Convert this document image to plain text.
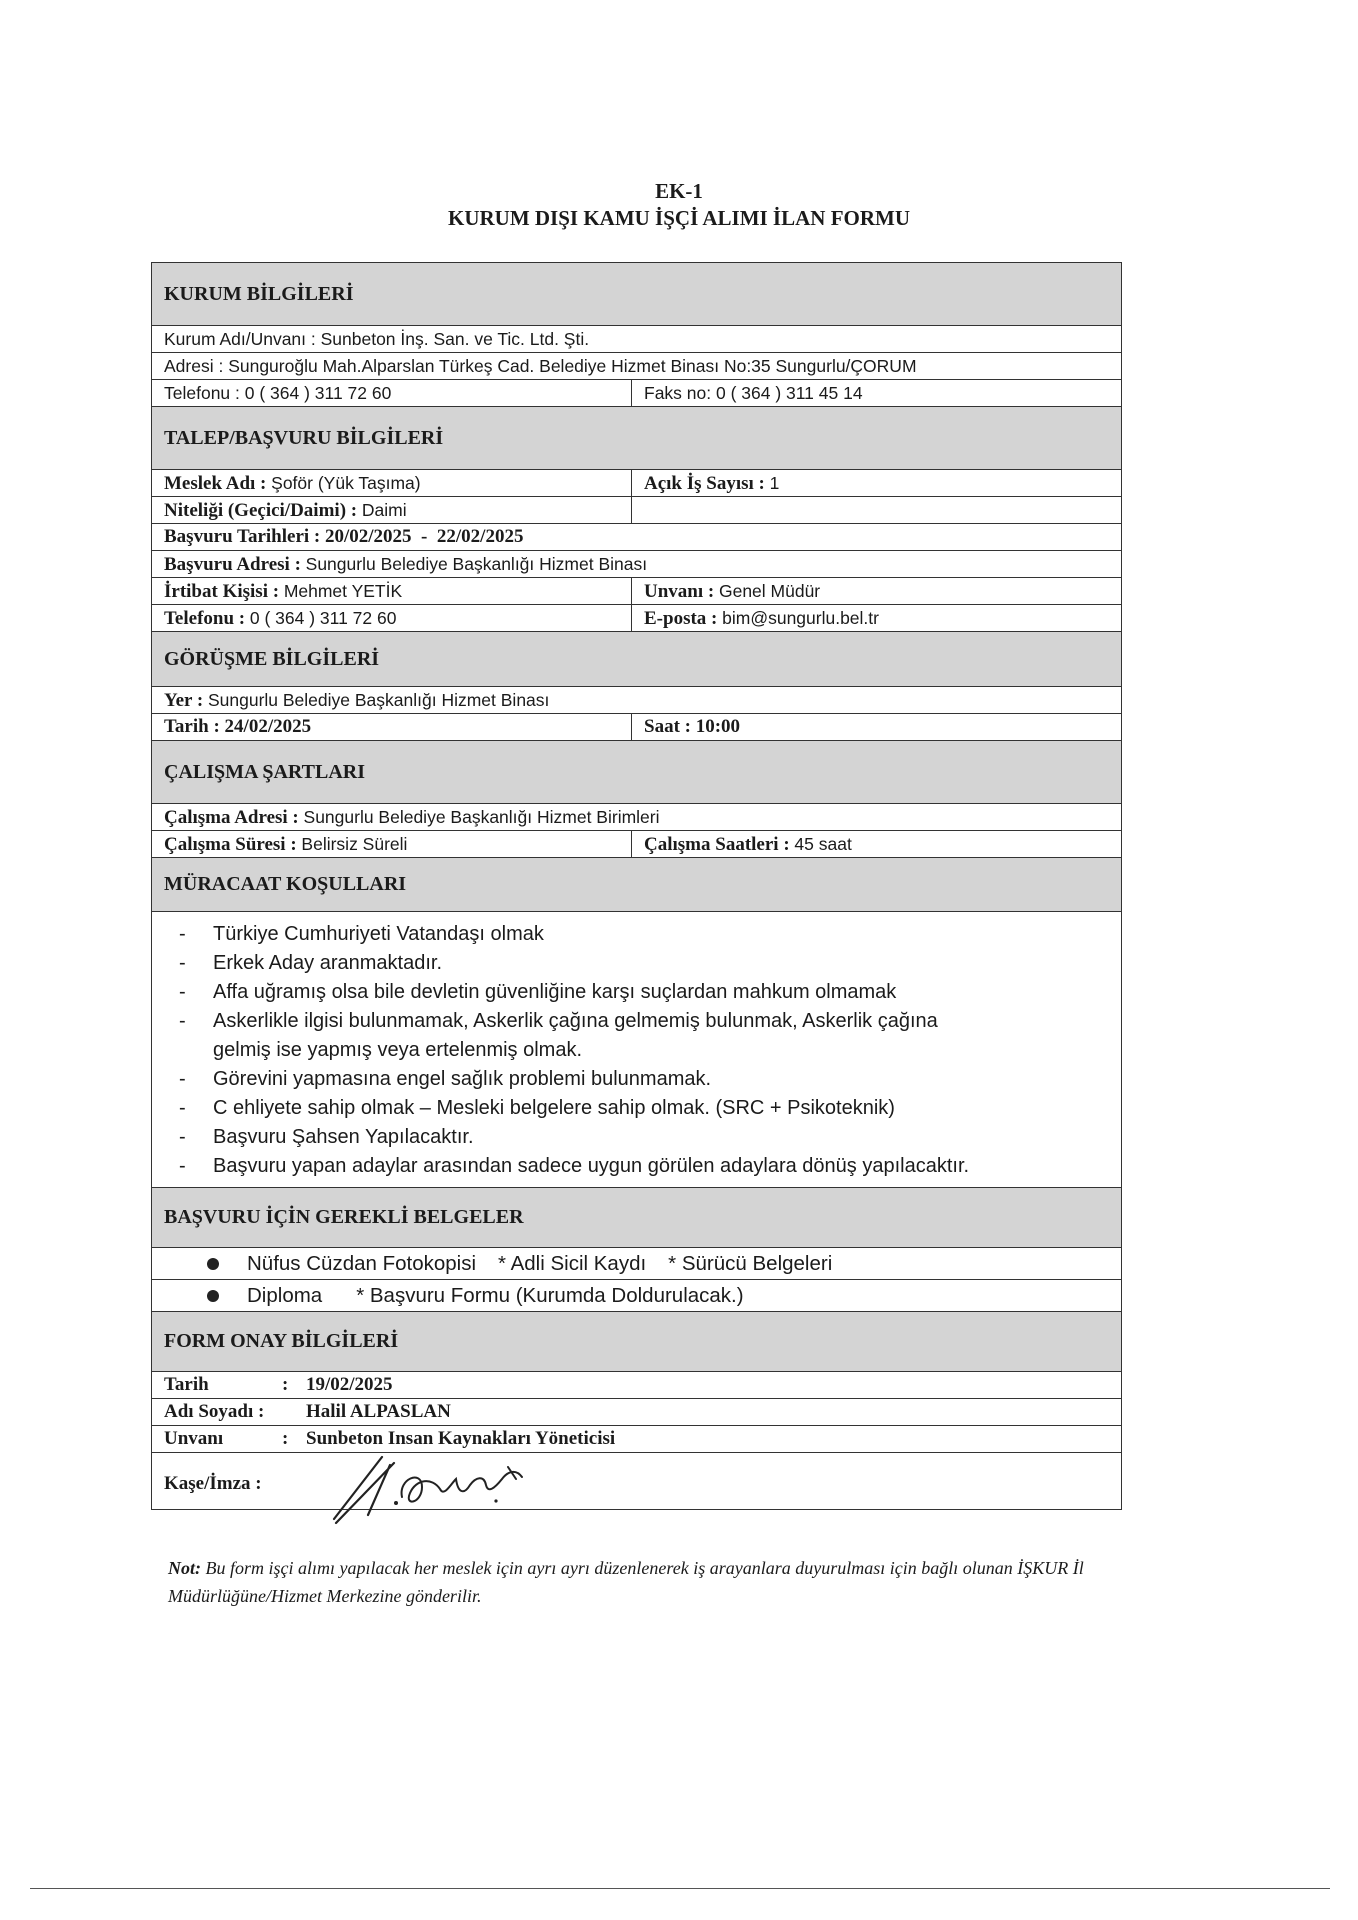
EK-1
KURUM DIŞI KAMU İŞÇİ ALIMI İLAN FORMU
KURUM BİLGİLERİ
Kurum Adı/Unvanı : Sunbeton İnş. San. ve Tic. Ltd. Şti.
Adresi : Sunguroğlu Mah.Alparslan Türkeş Cad. Belediye Hizmet Binası No:35 Sungurlu/ÇORUM
Telefonu : 0 ( 364 ) 311 72 60	Faks no: 0 ( 364 ) 311 45 14
TALEP/BAŞVURU BİLGİLERİ
Meslek Adı : Şoför (Yük Taşıma)	Açık İş Sayısı : 1
Niteliği (Geçici/Daimi) : Daimi
Başvuru Tarihleri : 20/02/2025  -  22/02/2025
Başvuru Adresi : Sungurlu Belediye Başkanlığı Hizmet Binası
İrtibat Kişisi : Mehmet YETİK	Unvanı : Genel Müdür
Telefonu : 0 ( 364 ) 311 72 60	E-posta : bim@sungurlu.bel.tr
GÖRÜŞME BİLGİLERİ
Yer : Sungurlu Belediye Başkanlığı Hizmet Binası
Tarih : 24/02/2025	Saat : 10:00
ÇALIŞMA ŞARTLARI
Çalışma Adresi : Sungurlu Belediye Başkanlığı Hizmet Birimleri
Çalışma Süresi : Belirsiz Süreli	Çalışma Saatleri : 45 saat
MÜRACAAT KOŞULLARI
-	Türkiye Cumhuriyeti Vatandaşı olmak
-	Erkek Aday aranmaktadır.
-	Affa uğramış olsa bile devletin güvenliğine karşı suçlardan mahkum olmamak
-	Askerlikle ilgisi bulunmamak, Askerlik çağına gelmemiş bulunmak, Askerlik çağına
gelmiş ise yapmış veya ertelenmiş olmak.
-	Görevini yapmasına engel sağlık problemi bulunmamak.
-	C ehliyete sahip olmak – Mesleki belgelere sahip olmak. (SRC + Psikoteknik)
-	Başvuru Şahsen Yapılacaktır.
-	Başvuru yapan adaylar arasından sadece uygun görülen adaylara dönüş yapılacaktır.
BAŞVURU İÇİN GEREKLİ BELGELER
Nüfus Cüzdan Fotokopisi * Adli Sicil Kaydı * Sürücü Belgeleri
Diploma * Başvuru Formu (Kurumda Doldurulacak.)
FORM ONAY BİLGİLERİ
Tarih	: 19/02/2025
Adı Soyadı :	Halil ALPASLAN
Unvanı	: Sunbeton Insan Kaynakları Yöneticisi
Kaşe/İmza :
Not: Bu form işçi alımı yapılacak her meslek için ayrı ayrı düzenlenerek iş arayanlara duyurulması için bağlı olunan İŞKUR İl Müdürlüğüne/Hizmet Merkezine gönderilir.
